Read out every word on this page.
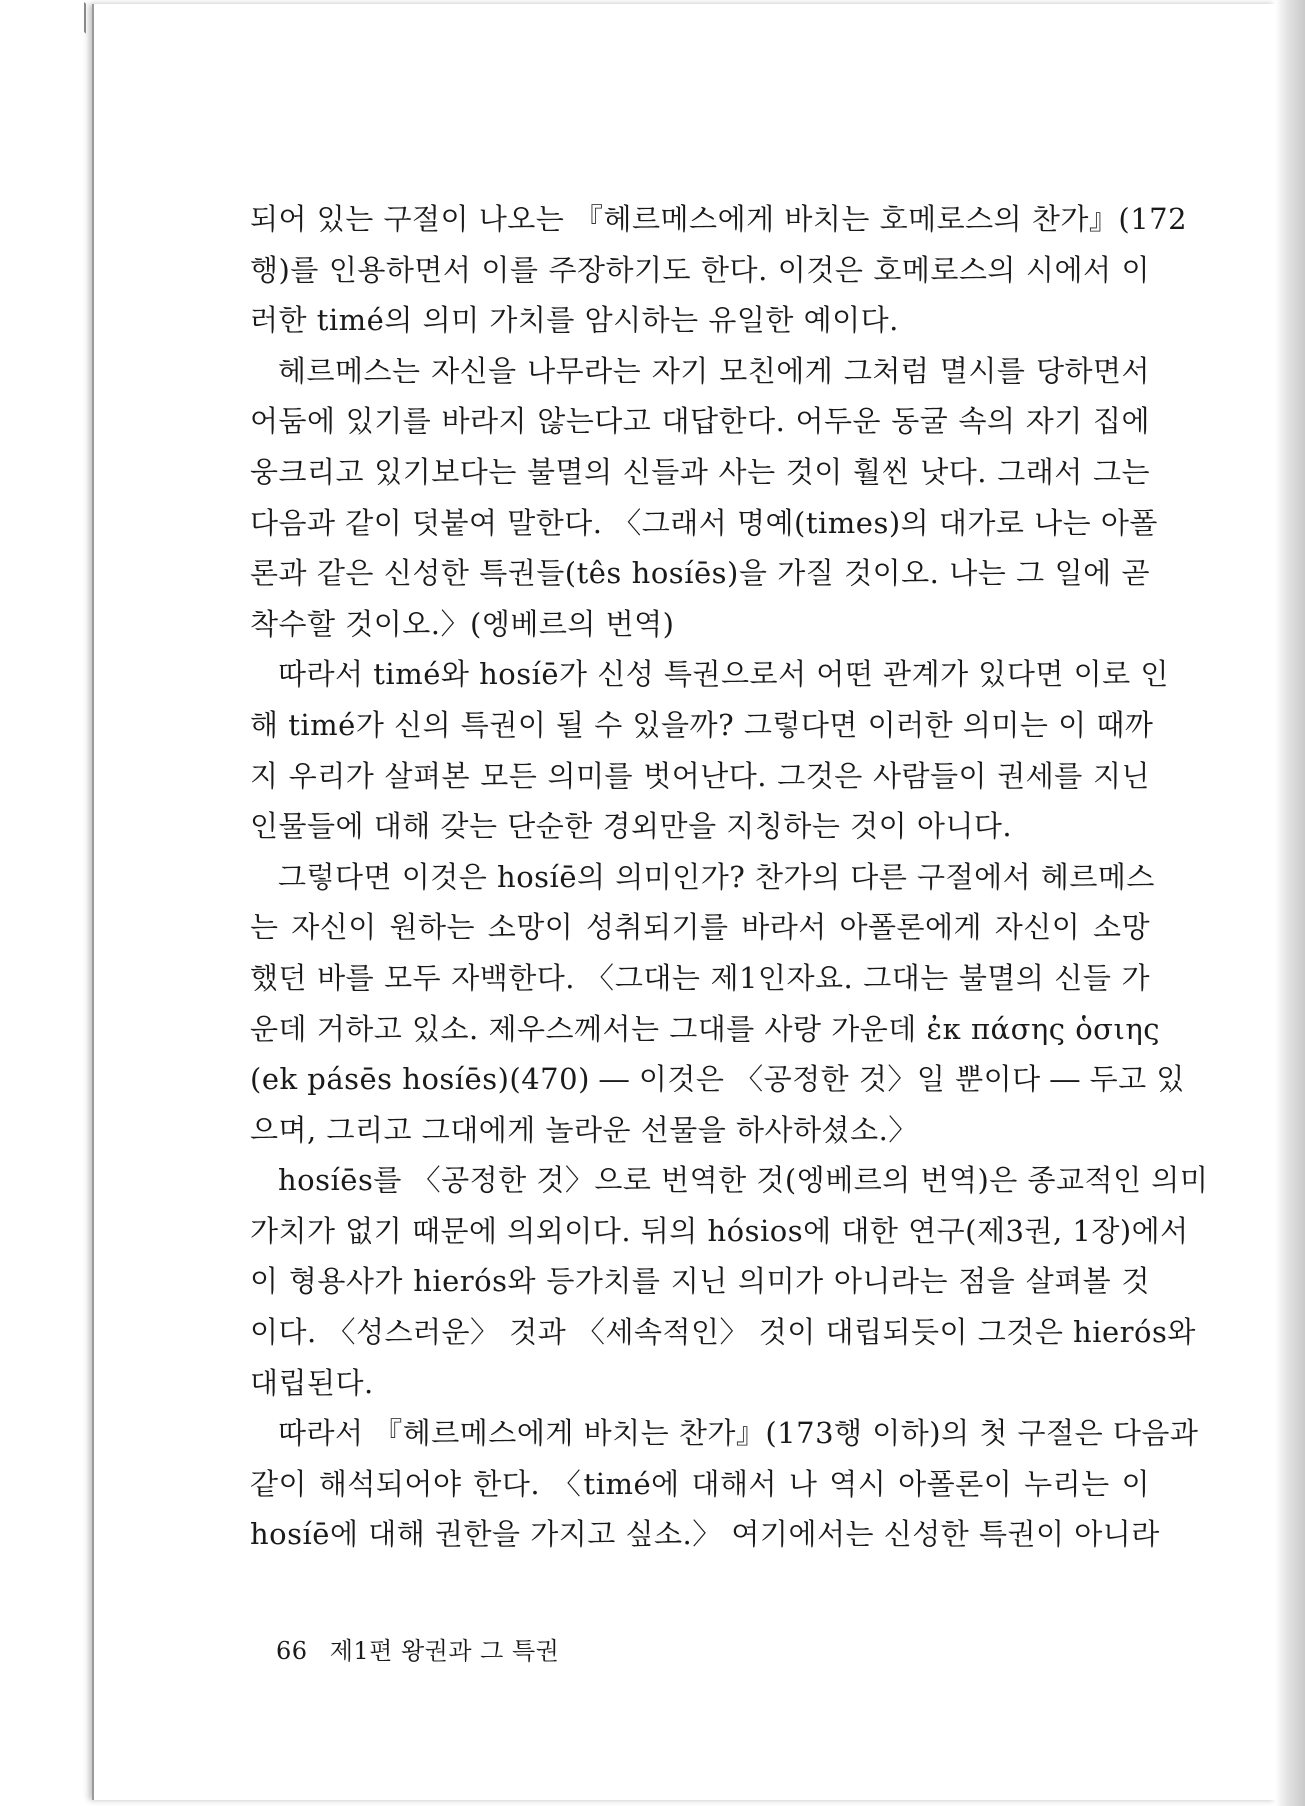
되어 있는 구절이 나오는 『헤르메스에게 바치는 호메로스의 찬가』(172
행)를 인용하면서 이를 주장하기도 한다. 이것은 호메로스의 시에서 이
러한 timé의 의미 가치를 암시하는 유일한 예이다.
헤르메스는 자신을 나무라는 자기 모친에게 그처럼 멸시를 당하면서
어둠에 있기를 바라지 않는다고 대답한다. 어두운 동굴 속의 자기 집에
웅크리고 있기보다는 불멸의 신들과 사는 것이 훨씬 낫다. 그래서 그는
다음과 같이 덧붙여 말한다. 〈그래서 명예(times)의 대가로 나는 아폴
론과 같은 신성한 특권들(tês hosíēs)을 가질 것이오. 나는 그 일에 곧
착수할 것이오.〉(엥베르의 번역)
따라서 timé와 hosíē가 신성 특권으로서 어떤 관계가 있다면 이로 인
해 timé가 신의 특권이 될 수 있을까? 그렇다면 이러한 의미는 이 때까
지 우리가 살펴본 모든 의미를 벗어난다. 그것은 사람들이 권세를 지닌
인물들에 대해 갖는 단순한 경외만을 지칭하는 것이 아니다.
그렇다면 이것은 hosíē의 의미인가? 찬가의 다른 구절에서 헤르메스
는 자신이 원하는 소망이 성취되기를 바라서 아폴론에게 자신이 소망
했던 바를 모두 자백한다. 〈그대는 제1인자요. 그대는 불멸의 신들 가
운데 거하고 있소. 제우스께서는 그대를 사랑 가운데 ἐκ πάσης ὁσιης
(ek pásēs hosíēs)(470) ― 이것은 〈공정한 것〉일 뿐이다 ― 두고 있
으며, 그리고 그대에게 놀라운 선물을 하사하셨소.〉
hosíēs를 〈공정한 것〉으로 번역한 것(엥베르의 번역)은 종교적인 의미
가치가 없기 때문에 의외이다. 뒤의 hósios에 대한 연구(제3권, 1장)에서
이 형용사가 hierós와 등가치를 지닌 의미가 아니라는 점을 살펴볼 것
이다. 〈성스러운〉 것과 〈세속적인〉 것이 대립되듯이 그것은 hierós와
대립된다.
따라서 『헤르메스에게 바치는 찬가』(173행 이하)의 첫 구절은 다음과
같이 해석되어야 한다. 〈timé에 대해서 나 역시 아폴론이 누리는 이
hosíē에 대해 권한을 가지고 싶소.〉 여기에서는 신성한 특권이 아니라
66 제1편 왕권과 그 특권
